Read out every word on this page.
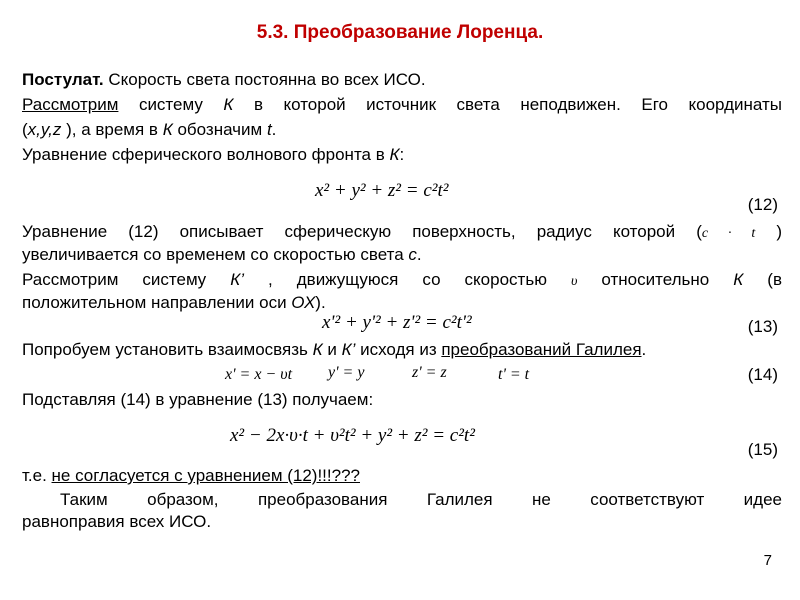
5.3. Преобразование Лоренца.
Постулат. Скорость света постоянна во всех ИСО.
Рассмотрим систему К в которой источник света неподвижен. Его координаты
(x,y,z ), а время в К обозначим t.
Уравнение сферического волнового фронта в К:
x² + y² + z² = c²t²
(12)
Уравнение (12) описывает сферическую поверхность, радиус которой (c · t )
увеличивается со временем со скоростью света c.
Рассмотрим системy К’ , движущуюся со скоростью υ относительно К (в
положительном направлении оси ОХ).
x'² + y'² + z'² = c²t'²	(13)
Попробуем установить взаимосвязь К и К’ исходя из преобразований Галилея.
x' = x − υt y' = y	z' = z	t' = t	(14)
Подставляя (14) в уравнение (13) получаем:
x² − 2x·υ·t + υ²t² + y² + z² = c²t²
(15)
т.е. не согласуется с уравнением (12)!!!???
Таким образом, преобразования Галилея не соответствуют идее
равноправия всех ИСО.
7
